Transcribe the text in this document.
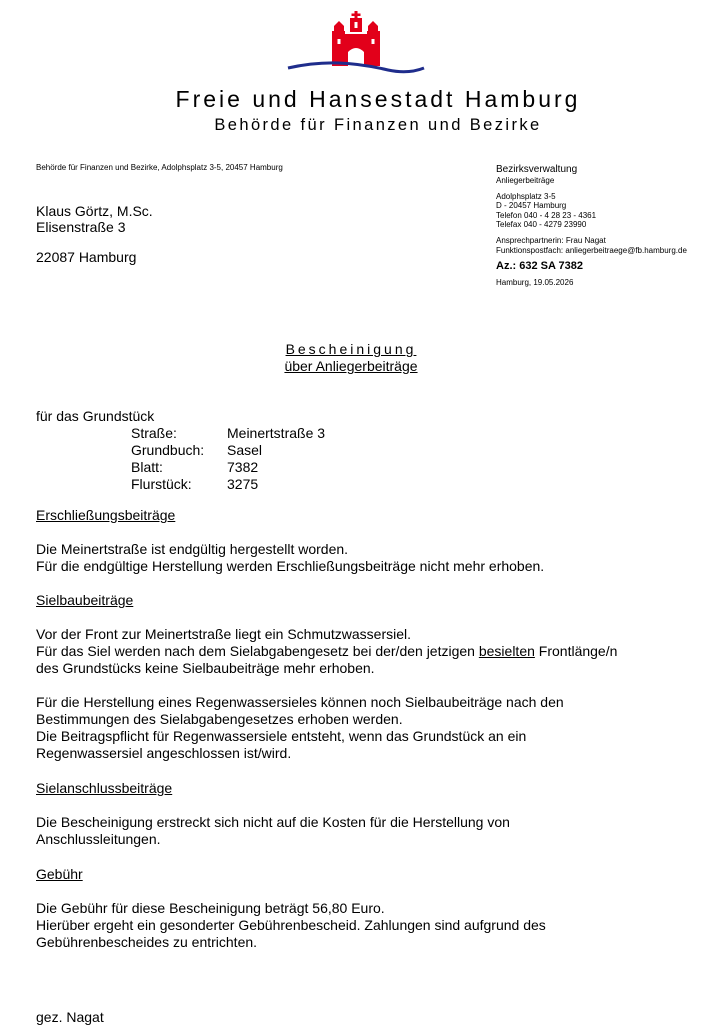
Freie und Hansestadt Hamburg
Behörde für Finanzen und Bezirke
Behörde für Finanzen und Bezirke, Adolphsplatz 3-5, 20457 Hamburg
Klaus Görtz, M.Sc.
Elisenstraße 3
22087 Hamburg
Bezirksverwaltung
Anliegerbeiträge
Adolphsplatz 3-5
D - 20457 Hamburg
Telefon 040 - 4 28 23 - 4361
Telefax 040 - 4279 23990
Ansprechpartnerin: Frau Nagat
Funktionspostfach: anliegerbeitraege@fb.hamburg.de
Az.: 632 SA 7382
Hamburg, 19.05.2026
Bescheinigung
über Anliegerbeiträge

für das Grundstück

Straße:	Meinertstraße 3
Grundbuch:	Sasel
Blatt:	7382
Flurstück:	3275

Erschließungsbeiträge

Die Meinertstraße ist endgültig hergestellt worden.

Für die endgültige Herstellung werden Erschließungsbeiträge nicht mehr erhoben.

Sielbaubeiträge

Vor der Front zur Meinertstraße liegt ein Schmutzwassersiel.

Für das Siel werden nach dem Sielabgabengesetz bei der/den jetzigen besielten Frontlänge/n

des Grundstücks keine Sielbaubeiträge mehr erhoben.

Für die Herstellung eines Regenwassersieles können noch Sielbaubeiträge nach den

Bestimmungen des Sielabgabengesetzes erhoben werden.

Die Beitragspflicht für Regenwassersiele entsteht, wenn das Grundstück an ein

Regenwassersiel angeschlossen ist/wird.

Sielanschlussbeiträge

Die Bescheinigung erstreckt sich nicht auf die Kosten für die Herstellung von

Anschlussleitungen.

Gebühr

Die Gebühr für diese Bescheinigung beträgt 56,80 Euro.

Hierüber ergeht ein gesonderter Gebührenbescheid. Zahlungen sind aufgrund des

Gebührenbescheides zu entrichten.

gez. Nagat
